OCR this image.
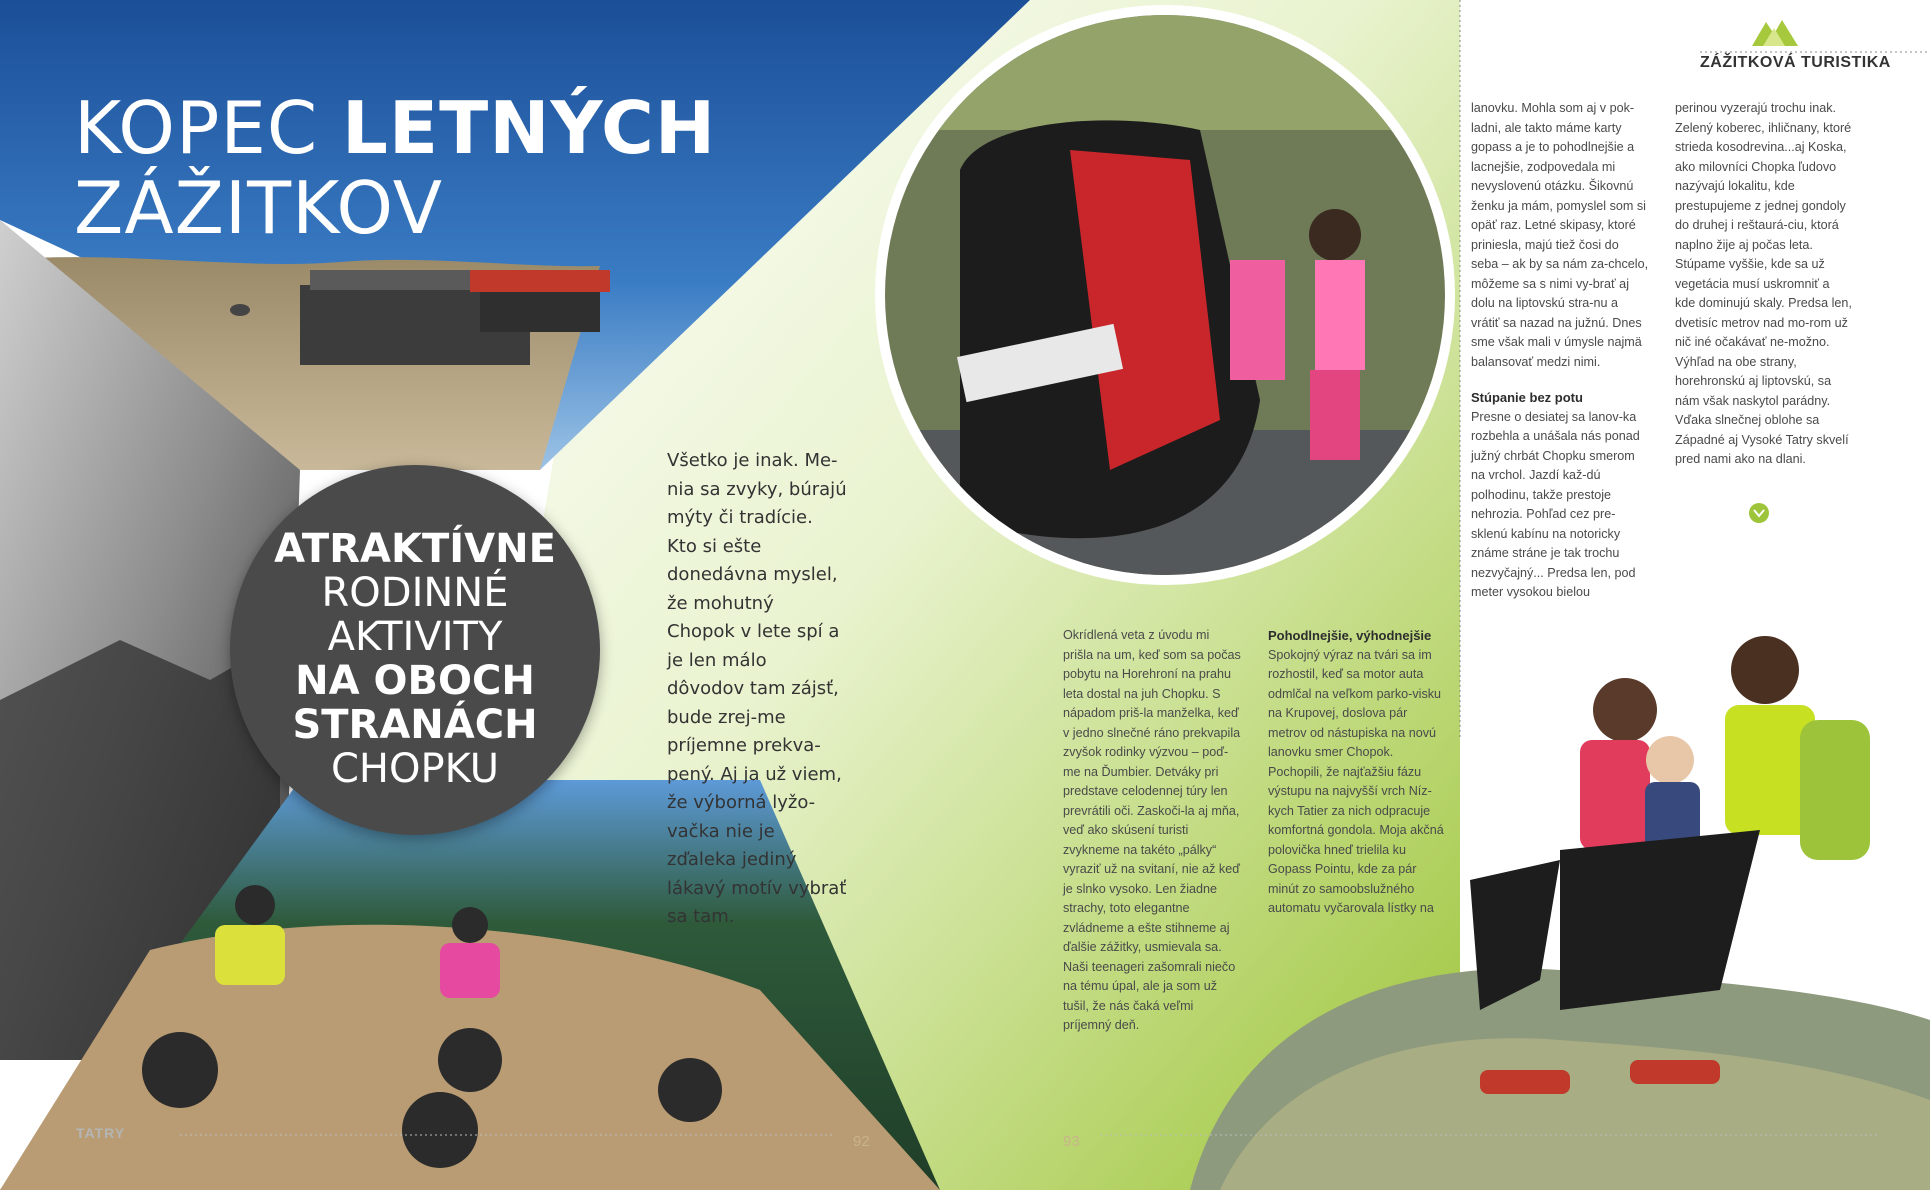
KOPEC LETNÝCH
ZÁŽITKOV
ATRAKTÍVNE
RODINNÉ
AKTIVITY
NA OBOCH
STRANÁCH
CHOPKU
Všetko je inak. Me-nia sa zvyky, búrajú mýty či tradície. Kto si ešte donedávna myslel, že mohutný Chopok v lete spí a je len málo dôvodov tam zájsť, bude zrej-me príjemne prekva-pený. Aj ja už viem, že výborná lyžo-vačka nie je zďaleka jediný lákavý motív vybrať sa tam.

Okrídlená veta z úvodu mi prišla na um, keď som sa počas pobytu na Horehroní na prahu leta dostal na juh Chopku. S nápadom priš-la manželka, keď v jedno slnečné ráno prekvapila zvyšok rodinky výzvou – poď-me na Ďumbier. Detváky pri predstave celodennej túry len prevrátili oči. Zaskoči-la aj mňa, veď ako skúsení turisti zvykneme na takéto „pálky“ vyraziť už na svitaní, nie až keď je slnko vysoko. Len žiadne strachy, toto elegantne zvládneme a ešte stihneme aj ďalšie zážitky, usmievala sa. Naši teenageri zašomrali niečo na tému úpal, ale ja som už tušil, že nás čaká veľmi príjemný deň.

Pohodlnejšie, výhodnejšie

Spokojný výraz na tvári sa im rozhostil, keď sa motor auta odmlčal na veľkom parko-visku na Krupovej, doslova pár metrov od nástupiska na novú lanovku smer Chopok. Pochopili, že najťažšiu fázu výstupu na najvyšší vrch Níz-kych Tatier za nich odpracuje komfortná gondola. Moja akčná polovička hneď trielila ku Gopass Pointu, kde za pár minút zo samoobslužného automatu vyčarovala lístky na

lanovku. Mohla som aj v pok-ladni, ale takto máme karty gopass a je to pohodlnejšie a lacnejšie, zodpovedala mi nevyslovenú otázku. Šikovnú ženku ja mám, pomyslel som si opäť raz. Letné skipasy, ktoré priniesla, majú tiež čosi do seba – ak by sa nám za-chcelo, môžeme sa s nimi vy-brať aj dolu na liptovskú stra-nu a vrátiť sa nazad na južnú. Dnes sme však mali v úmysle najmä balansovať medzi nimi.

Stúpanie bez potu

Presne o desiatej sa lanov-ka rozbehla a unášala nás ponad južný chrbát Chopku smerom na vrchol. Jazdí kaž-dú polhodinu, takže prestoje nehrozia. Pohľad cez pre-sklenú kabínu na notoricky známe stráne je tak trochu nezvyčajný... Predsa len, pod meter vysokou bielou

perinou vyzerajú trochu inak. Zelený koberec, ihličnany, ktoré strieda kosodrevina...aj Koska, ako milovníci Chopka ľudovo nazývajú lokalitu, kde prestupujeme z jednej gondoly do druhej i reštaurá-ciu, ktorá naplno žije aj počas leta. Stúpame vyššie, kde sa už vegetácia musí uskromniť a kde dominujú skaly. Predsa len, dvetisíc metrov nad mo-rom už nič iné očakávať ne-možno. Výhľad na obe strany, horehronskú aj liptovskú, sa nám však naskytol parádny. Vďaka slnečnej oblohe sa Západné aj Vysoké Tatry skvelí pred nami ako na dlani.

ZÁŽITKOVÁ TURISTIKA
TATRY	92	93
